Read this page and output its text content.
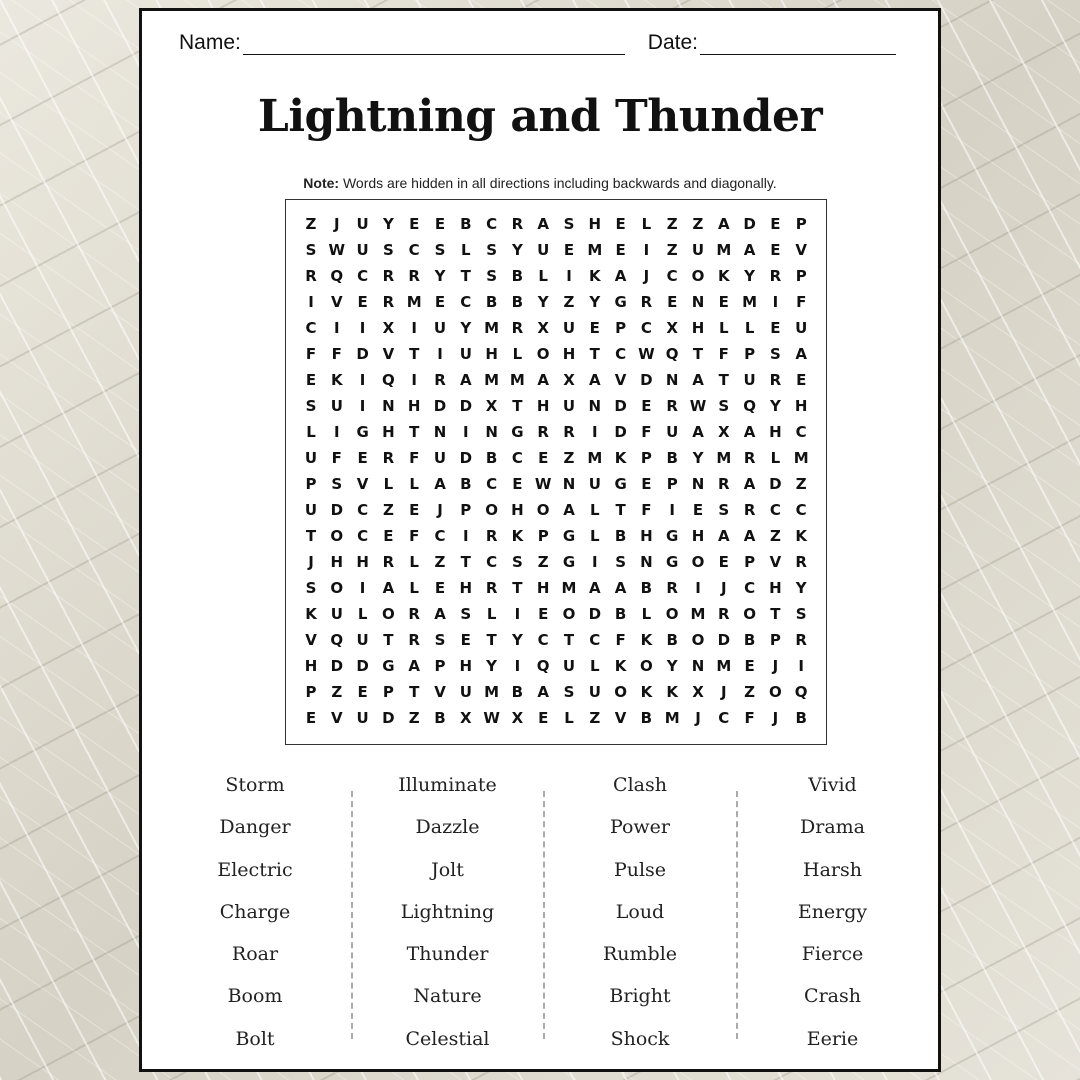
Name:	Date:
Lightning and Thunder
Note: Words are hidden in all directions including backwards and diagonally.
Z	J	U Y	E	E B C R A S H E	L	Z Z A D E	P
S W U S C S	L	S Y U E M E	I	Z U M A E V
R Q C R R Y	T	S B	L	I	K A	J	C O K Y R P
I	V E R M E	C B B Y Z Y G R E N E M	I	F
C	I	I	X	I	U Y M R X U E	P C X H L	L	E U
F	F D V T	I	U H L O H T	C W Q T	F	P S A
E K	I	Q	I	R A M M A X A V D N A T U R E
S U	I	N H D D X T H U N D E R W S Q Y H
L	I	G H T N	I	N G R R	I	D F U A X A H C
U F	E R F U D B C	E	Z M K P B Y M R	L M
P S V	L	L	A B C	E W N U G E	P N R A D Z
U D C Z	E	J	P O H O A	L	T	F	I	E	S R C C
T O C	E	F	C	I	R K P G L	B H G H A A Z K
J	H H R	L	Z	T	C S Z G	I	S N G O E	P V R
S O	I	A	L	E H R T H M A A B R	I	J	C H Y
K U L O R A S	L	I	E O D B	L O M R O T	S
V Q U T R S	E	T	Y C	T	C	F K B O D B P R
H D D G A P H Y	I	Q U L	K O Y N M E	J	I
P Z	E	P	T V U M B A S U O K K X	J	Z O Q
E V U D Z B X W X E	L	Z V B M	J	C	F	J	B
Storm
Danger
Electric
Charge
Roar
Boom
Bolt
Illuminate
Dazzle
Jolt
Lightning
Thunder
Nature
Celestial
Clash
Power
Pulse
Loud
Rumble
Bright
Shock
Vivid
Drama
Harsh
Energy
Fierce
Crash
Eerie
